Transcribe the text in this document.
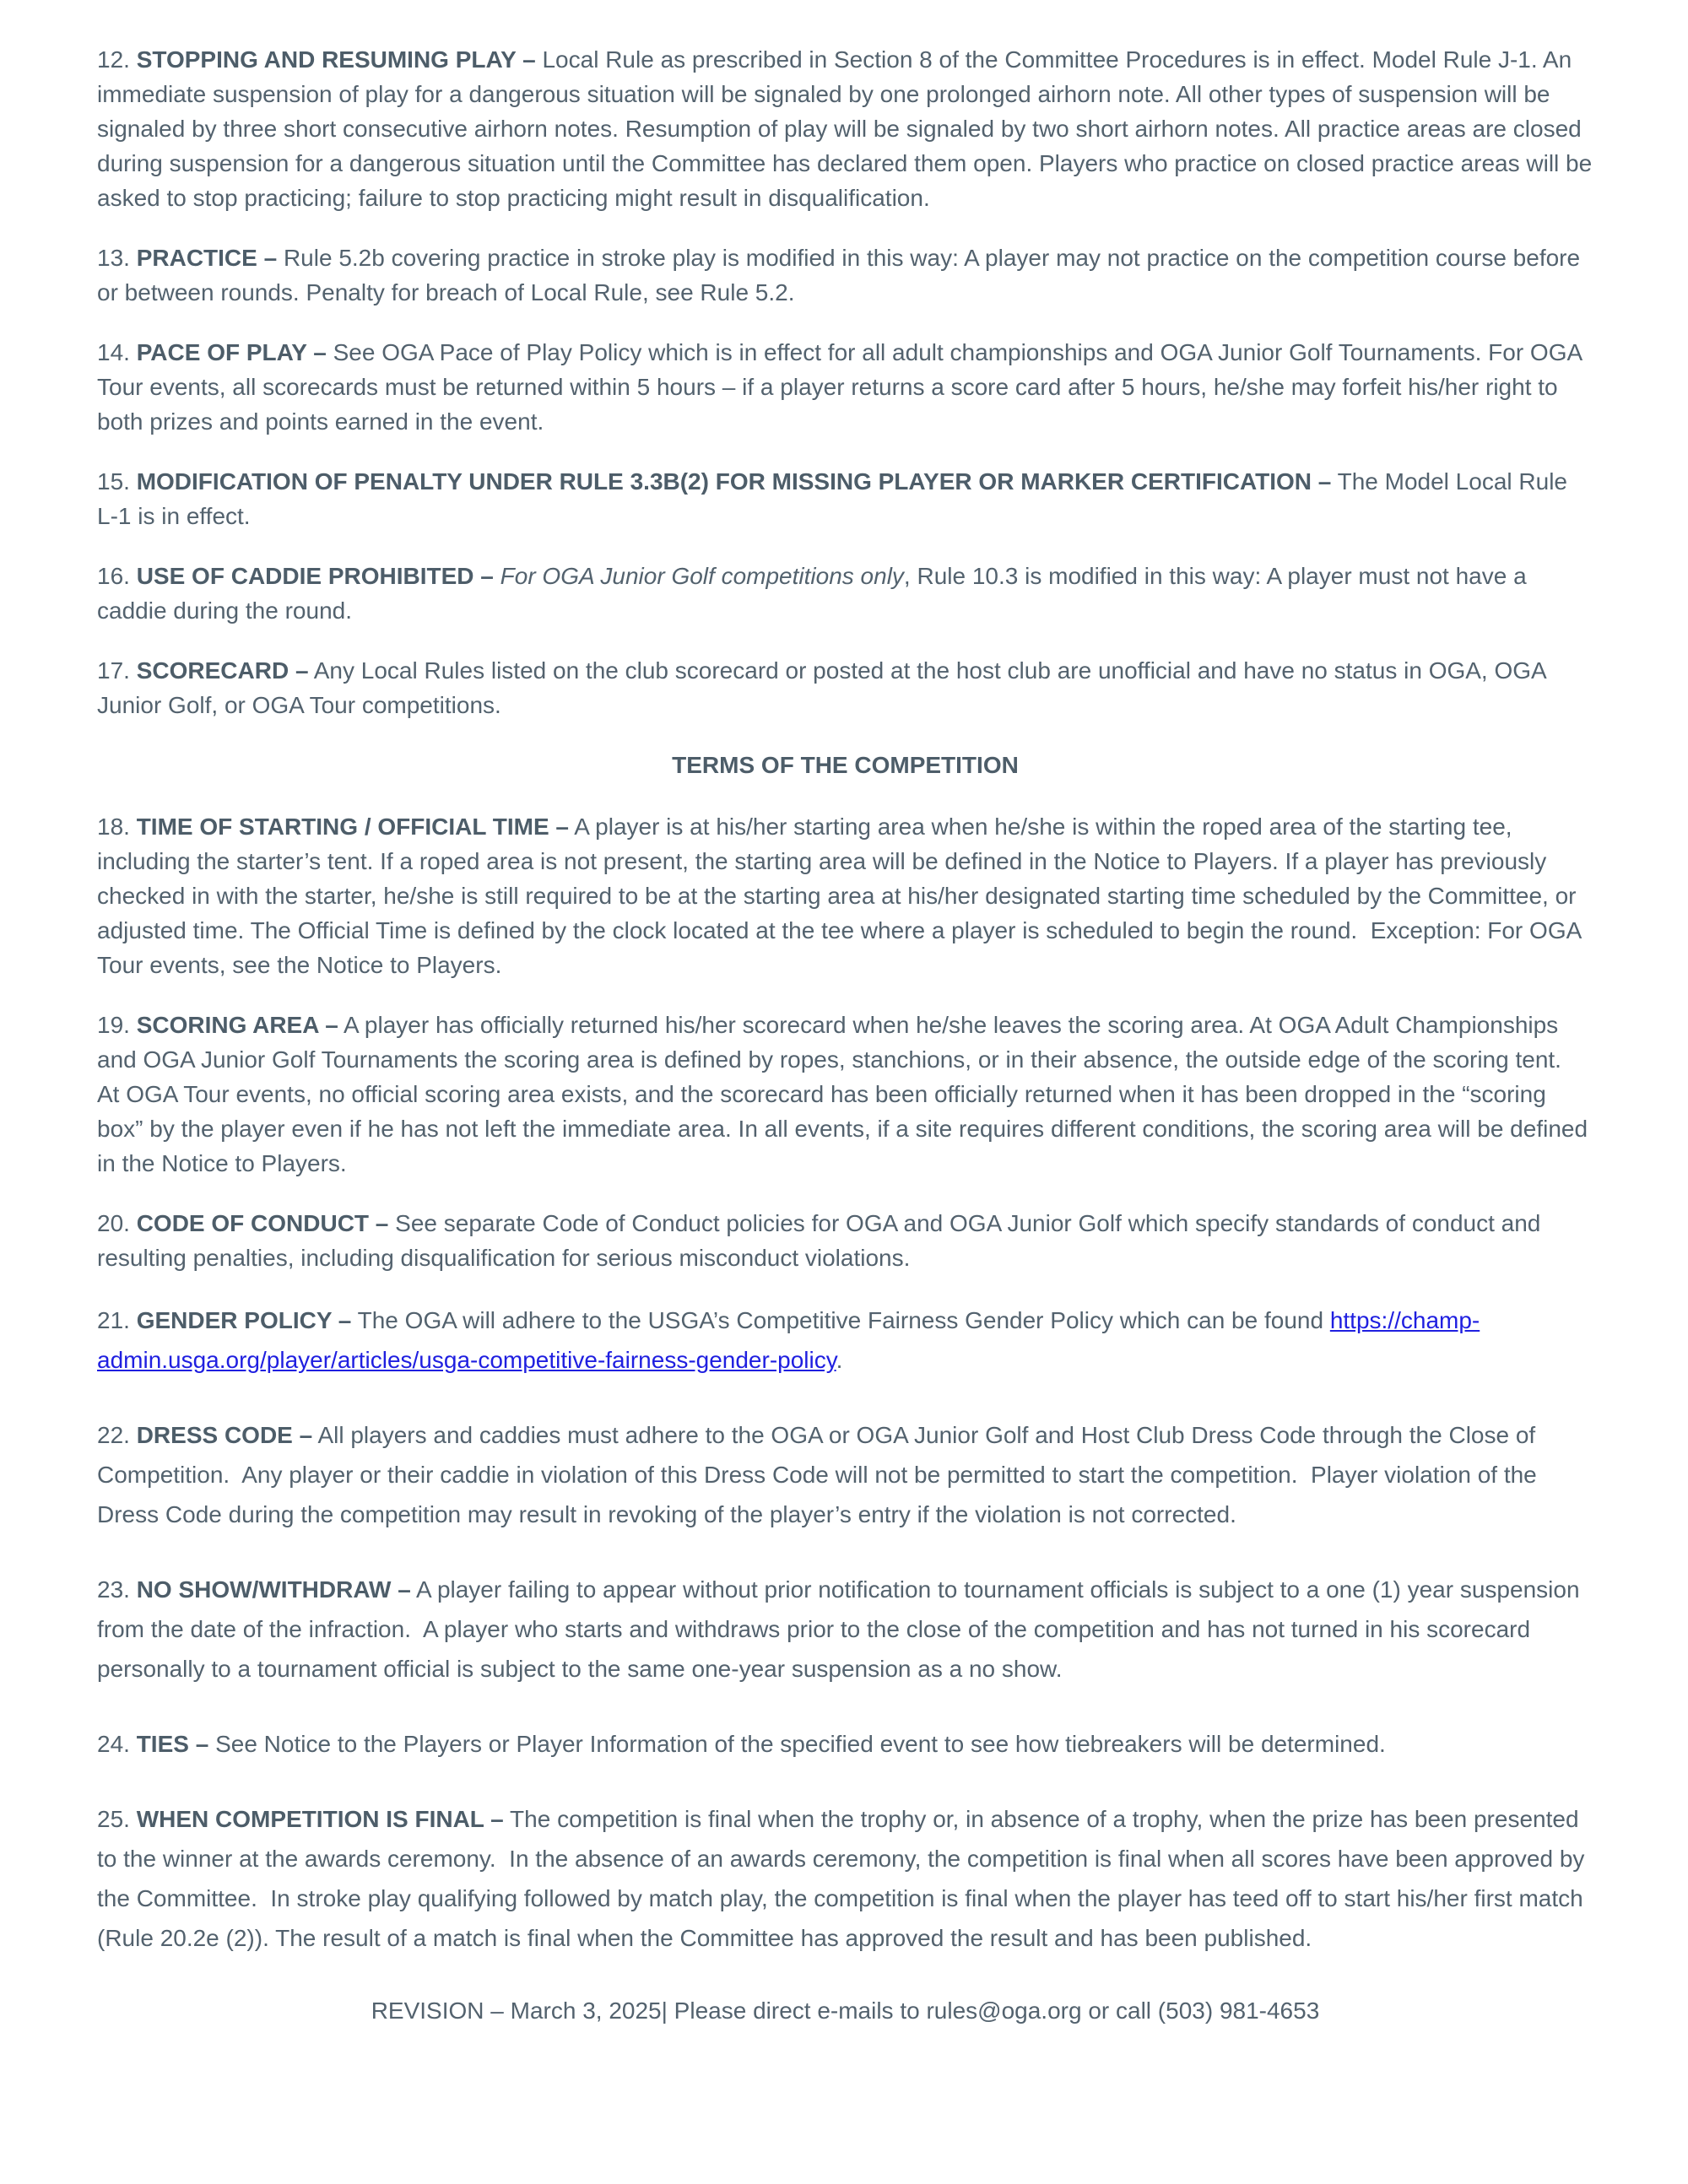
12. STOPPING AND RESUMING PLAY – Local Rule as prescribed in Section 8 of the Committee Procedures is in effect. Model Rule J-1. An immediate suspension of play for a dangerous situation will be signaled by one prolonged airhorn note. All other types of suspension will be signaled by three short consecutive airhorn notes. Resumption of play will be signaled by two short airhorn notes. All practice areas are closed during suspension for a dangerous situation until the Committee has declared them open. Players who practice on closed practice areas will be asked to stop practicing; failure to stop practicing might result in disqualification.

13. PRACTICE – Rule 5.2b covering practice in stroke play is modified in this way: A player may not practice on the competition course before or between rounds. Penalty for breach of Local Rule, see Rule 5.2.

14. PACE OF PLAY – See OGA Pace of Play Policy which is in effect for all adult championships and OGA Junior Golf Tournaments. For OGA Tour events, all scorecards must be returned within 5 hours – if a player returns a score card after 5 hours, he/she may forfeit his/her right to both prizes and points earned in the event.

15. MODIFICATION OF PENALTY UNDER RULE 3.3B(2) FOR MISSING PLAYER OR MARKER CERTIFICATION – The Model Local Rule L-1 is in effect.

16. USE OF CADDIE PROHIBITED – For OGA Junior Golf competitions only, Rule 10.3 is modified in this way: A player must not have a caddie during the round.

17. SCORECARD – Any Local Rules listed on the club scorecard or posted at the host club are unofficial and have no status in OGA, OGA Junior Golf, or OGA Tour competitions.

TERMS OF THE COMPETITION

18. TIME OF STARTING / OFFICIAL TIME – A player is at his/her starting area when he/she is within the roped area of the starting tee, including the starter’s tent. If a roped area is not present, the starting area will be defined in the Notice to Players. If a player has previously checked in with the starter, he/she is still required to be at the starting area at his/her designated starting time scheduled by the Committee, or adjusted time. The Official Time is defined by the clock located at the tee where a player is scheduled to begin the round.  Exception: For OGA Tour events, see the Notice to Players.

19. SCORING AREA – A player has officially returned his/her scorecard when he/she leaves the scoring area. At OGA Adult Championships and OGA Junior Golf Tournaments the scoring area is defined by ropes, stanchions, or in their absence, the outside edge of the scoring tent.  At OGA Tour events, no official scoring area exists, and the scorecard has been officially returned when it has been dropped in the “scoring box” by the player even if he has not left the immediate area. In all events, if a site requires different conditions, the scoring area will be defined in the Notice to Players.

20. CODE OF CONDUCT – See separate Code of Conduct policies for OGA and OGA Junior Golf which specify standards of conduct and resulting penalties, including disqualification for serious misconduct violations.

21. GENDER POLICY – The OGA will adhere to the USGA’s Competitive Fairness Gender Policy which can be found https://champ-admin.usga.org/player/articles/usga-competitive-fairness-gender-policy.

22. DRESS CODE – All players and caddies must adhere to the OGA or OGA Junior Golf and Host Club Dress Code through the Close of Competition.  Any player or their caddie in violation of this Dress Code will not be permitted to start the competition.  Player violation of the Dress Code during the competition may result in revoking of the player’s entry if the violation is not corrected.

23. NO SHOW/WITHDRAW – A player failing to appear without prior notification to tournament officials is subject to a one (1) year suspension from the date of the infraction.  A player who starts and withdraws prior to the close of the competition and has not turned in his scorecard personally to a tournament official is subject to the same one-year suspension as a no show.

24. TIES – See Notice to the Players or Player Information of the specified event to see how tiebreakers will be determined.

25. WHEN COMPETITION IS FINAL – The competition is final when the trophy or, in absence of a trophy, when the prize has been presented to the winner at the awards ceremony.  In the absence of an awards ceremony, the competition is final when all scores have been approved by the Committee.  In stroke play qualifying followed by match play, the competition is final when the player has teed off to start his/her first match (Rule 20.2e (2)). The result of a match is final when the Committee has approved the result and has been published.

REVISION – March 3, 2025| Please direct e-mails to rules@oga.org or call (503) 981-4653
